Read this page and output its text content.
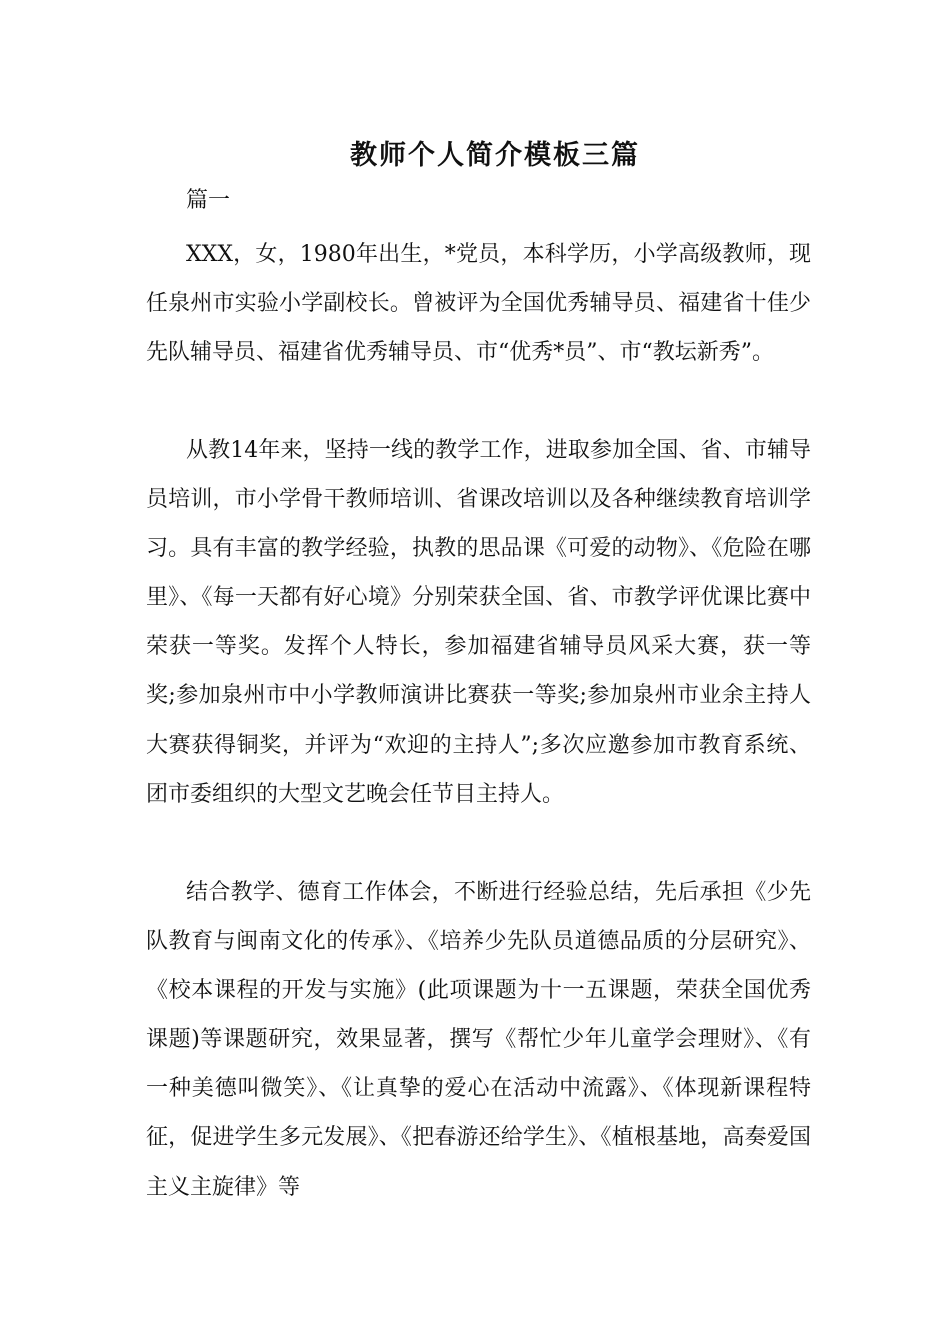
教师个人简介模板三篇

篇一

XXX，女，1980年出生，*党员，本科学历，小学高级教师，现任泉州市实验小学副校长。曾被评为全国优秀辅导员、福建省十佳少先队辅导员、福建省优秀辅导员、市“优秀*员”、市“教坛新秀”。

从教14年来，坚持一线的教学工作，进取参加全国、省、市辅导员培训，市小学骨干教师培训、省课改培训以及各种继续教育培训学习。具有丰富的教学经验，执教的思品课《可爱的动物》、《危险在哪里》、《每一天都有好心境》分别荣获全国、省、市教学评优课比赛中荣获一等奖。发挥个人特长，参加福建省辅导员风采大赛，获一等奖;参加泉州市中小学教师演讲比赛获一等奖;参加泉州市业余主持人大赛获得铜奖，并评为“欢迎的主持人”;多次应邀参加市教育系统、团市委组织的大型文艺晚会任节目主持人。

结合教学、德育工作体会，不断进行经验总结，先后承担《少先队教育与闽南文化的传承》、《培养少先队员道德品质的分层研究》、《校本课程的开发与实施》(此项课题为十一五课题，荣获全国优秀课题)等课题研究，效果显著，撰写《帮忙少年儿童学会理财》、《有一种美德叫微笑》、《让真挚的爱心在活动中流露》、《体现新课程特征，促进学生多元发展》、《把春游还给学生》、《植根基地，高奏爱国主义主旋律》等
